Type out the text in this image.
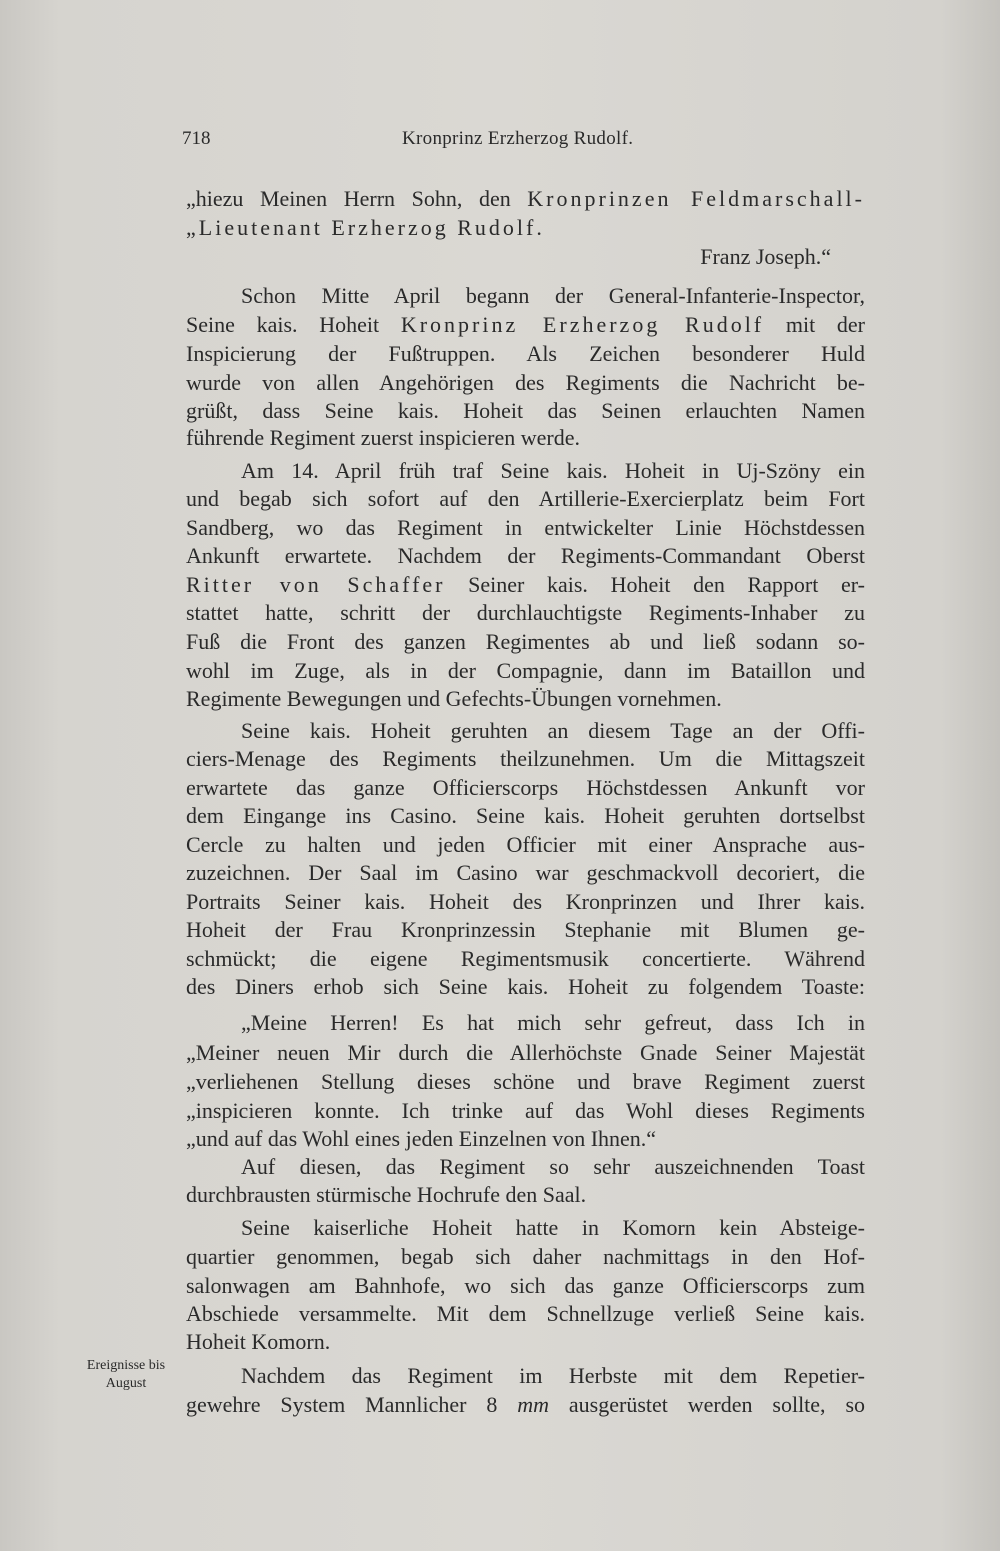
718	Kronprinz Erzherzog Rudolf.
„hiezu Meinen Herrn Sohn, den Kronprinzen Feldmarschall-
„Lieutenant Erzherzog Rudolf.
Franz Joseph.“
Schon Mitte April begann der General-Infanterie-Inspector,
Seine kais. Hoheit Kronprinz Erzherzog Rudolf mit der
Inspicierung der Fußtruppen. Als Zeichen besonderer Huld
wurde von allen Angehörigen des Regiments die Nachricht be-
grüßt, dass Seine kais. Hoheit das Seinen erlauchten Namen
führende Regiment zuerst inspicieren werde.
Am 14. April früh traf Seine kais. Hoheit in Uj-Szöny ein
und begab sich sofort auf den Artillerie-Exercierplatz beim Fort
Sandberg, wo das Regiment in entwickelter Linie Höchstdessen
Ankunft erwartete. Nachdem der Regiments-Commandant Oberst
Ritter von Schaffer Seiner kais. Hoheit den Rapport er-
stattet hatte, schritt der durchlauchtigste Regiments-Inhaber zu
Fuß die Front des ganzen Regimentes ab und ließ sodann so-
wohl im Zuge, als in der Compagnie, dann im Bataillon und
Regimente Bewegungen und Gefechts-Übungen vornehmen.
Seine kais. Hoheit geruhten an diesem Tage an der Offi-
ciers-Menage des Regiments theilzunehmen. Um die Mittagszeit
erwartete das ganze Officierscorps Höchstdessen Ankunft vor
dem Eingange ins Casino. Seine kais. Hoheit geruhten dortselbst
Cercle zu halten und jeden Officier mit einer Ansprache aus-
zuzeichnen. Der Saal im Casino war geschmackvoll decoriert, die
Portraits Seiner kais. Hoheit des Kronprinzen und Ihrer kais.
Hoheit der Frau Kronprinzessin Stephanie mit Blumen ge-
schmückt; die eigene Regimentsmusik concertierte. Während
des Diners erhob sich Seine kais. Hoheit zu folgendem Toaste:
„Meine Herren! Es hat mich sehr gefreut, dass Ich in
„Meiner neuen Mir durch die Allerhöchste Gnade Seiner Majestät
„verliehenen Stellung dieses schöne und brave Regiment zuerst
„inspicieren konnte. Ich trinke auf das Wohl dieses Regiments
„und auf das Wohl eines jeden Einzelnen von Ihnen.“
Auf diesen, das Regiment so sehr auszeichnenden Toast
durchbrausten stürmische Hochrufe den Saal.
Seine kaiserliche Hoheit hatte in Komorn kein Absteige-
quartier genommen, begab sich daher nachmittags in den Hof-
salonwagen am Bahnhofe, wo sich das ganze Officierscorps zum
Abschiede versammelte. Mit dem Schnellzuge verließ Seine kais.
Hoheit Komorn.
Nachdem das Regiment im Herbste mit dem Repetier-
gewehre System Mannlicher 8 mm ausgerüstet werden sollte, so
Ereignisse bis
August
